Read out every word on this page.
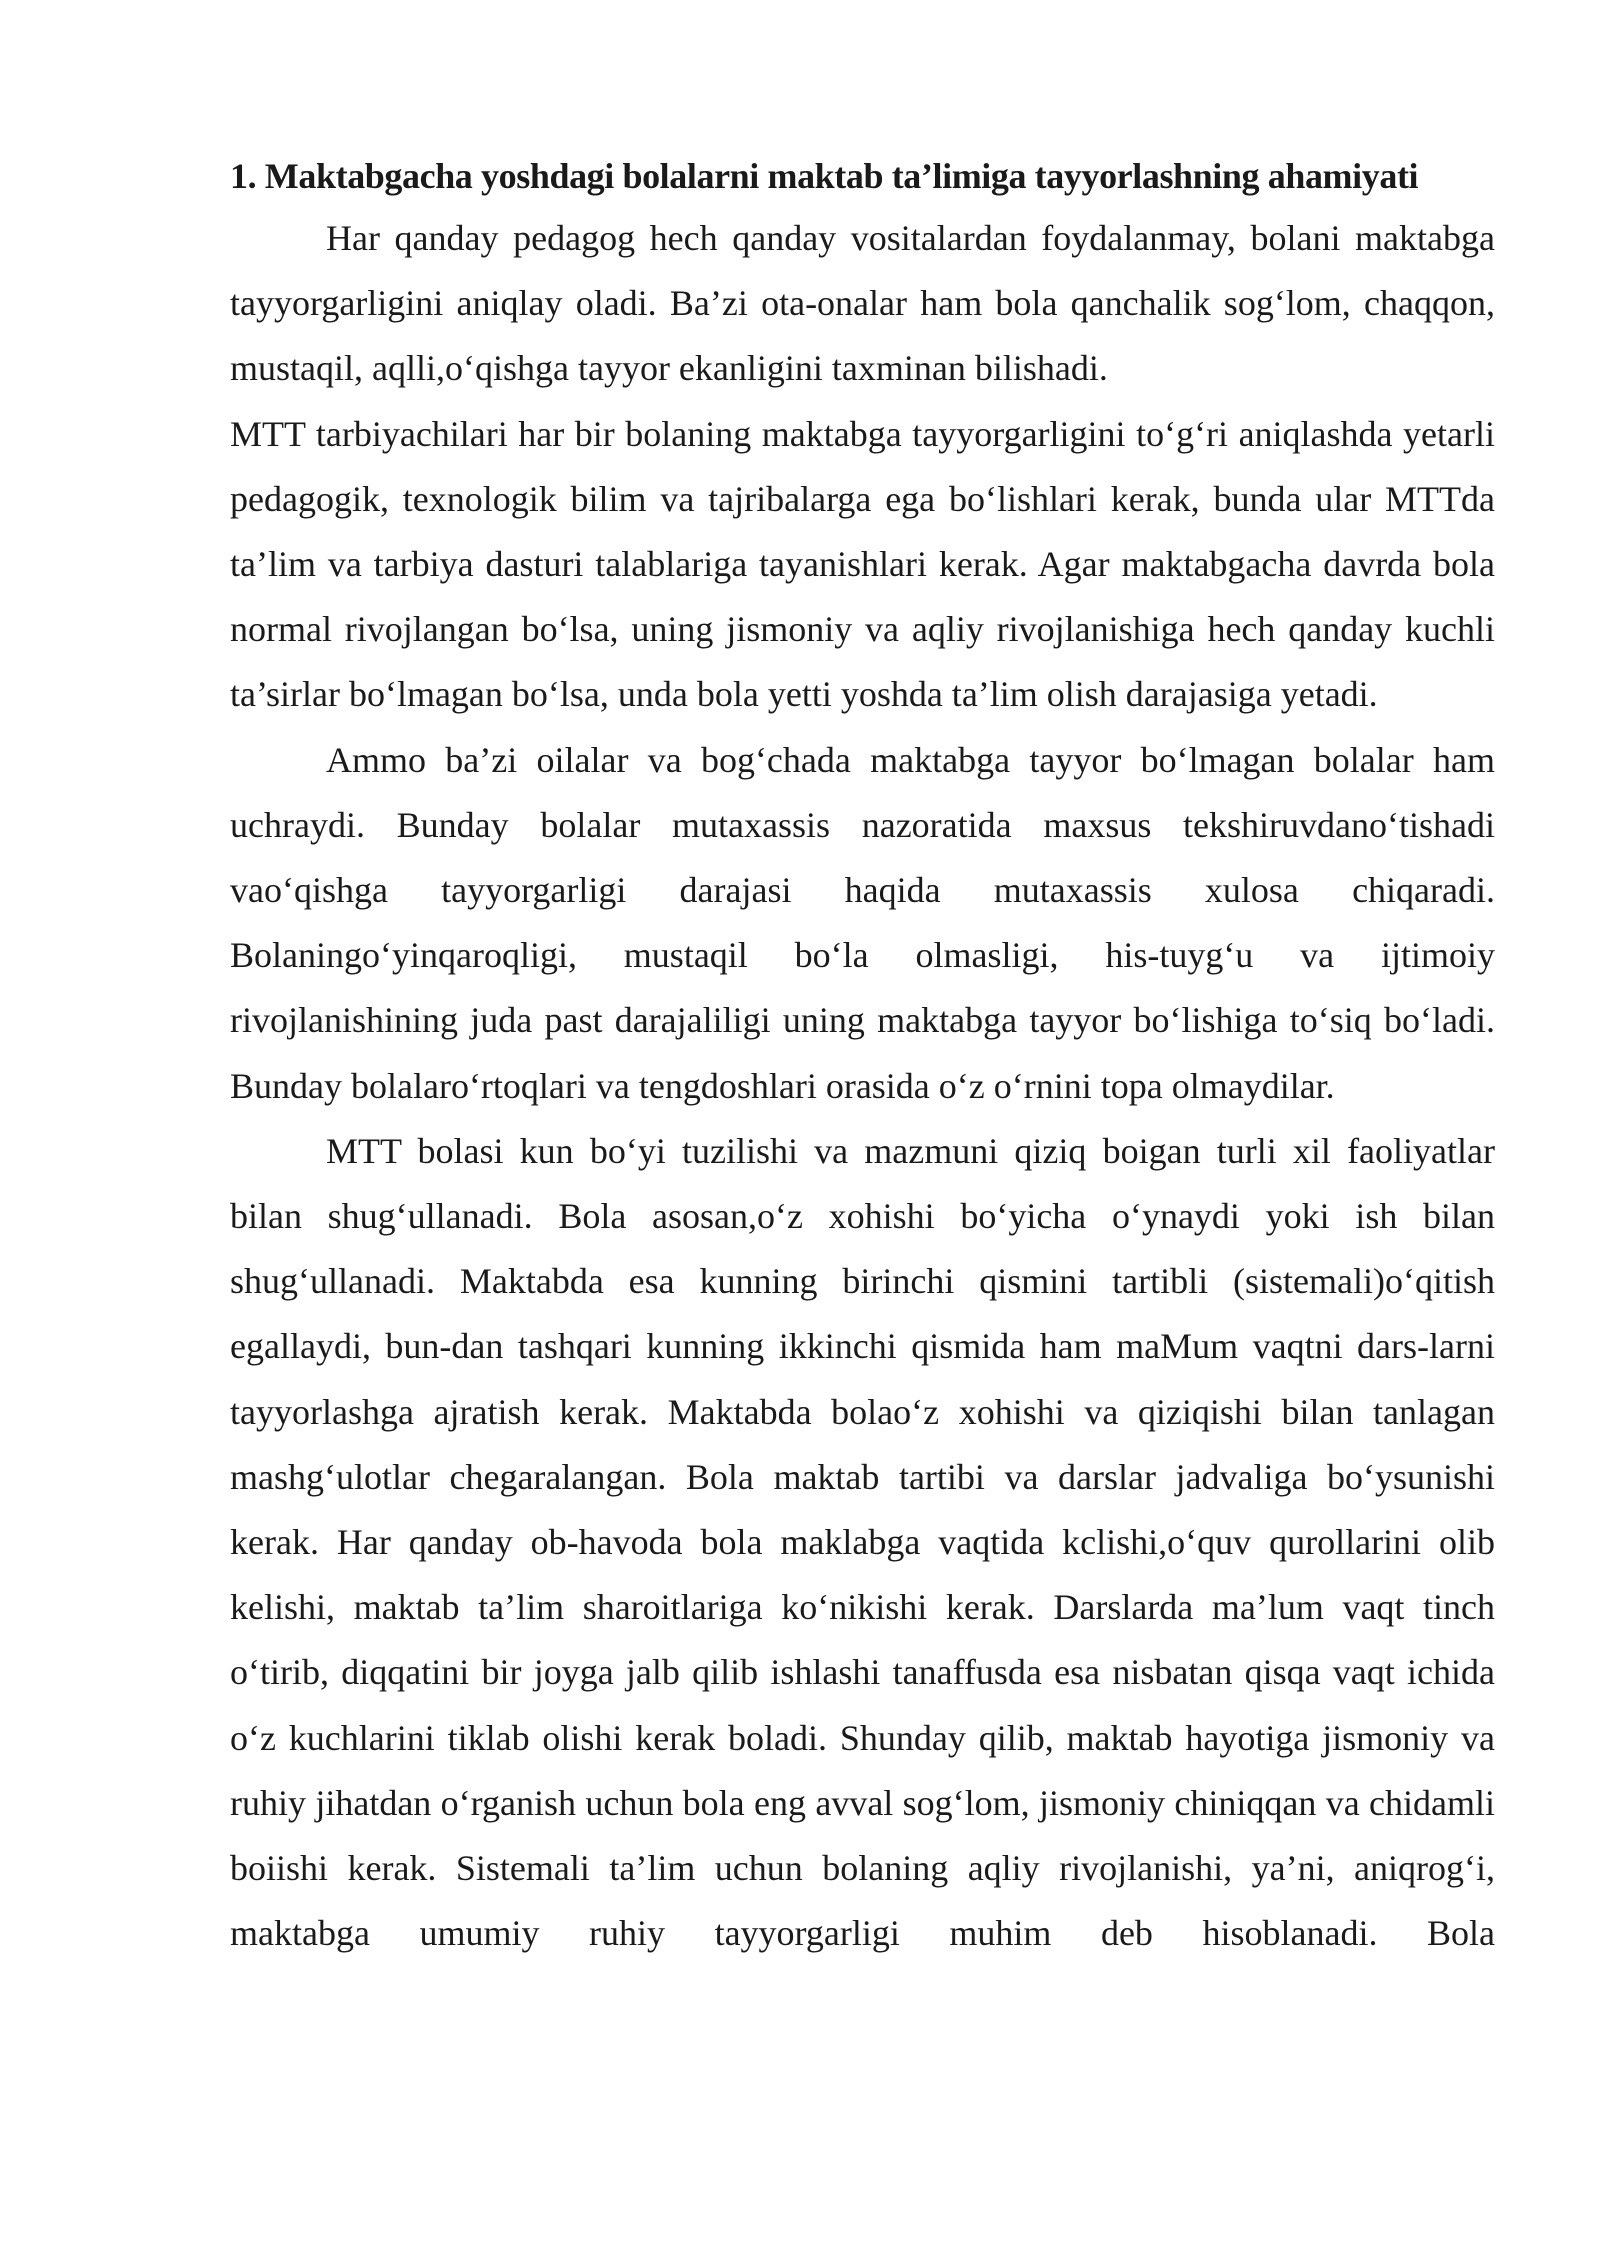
1. Maktabgacha yoshdagi bolalarni maktab ta’limiga tayyorlashning ahamiyati

Har qanday pedagog hech qanday vositalardan foydalanmay, bolani maktabga tayyorgarligini aniqlay oladi. Ba’zi ota-onalar ham bola qanchalik sog‘lom, chaqqon, mustaqil, aqlli,o‘qishga tayyor ekanligini taxminan bilishadi.

MTT tarbiyachilari har bir bolaning maktabga tayyorgarligini to‘g‘ri aniqlashda yetarli pedagogik, texnologik bilim va tajribalarga ega bo‘lishlari kerak, bunda ular MTTda ta’lim va tarbiya dasturi talablariga tayanishlari kerak. Agar maktabgacha davrda bola normal rivojlangan bo‘lsa, uning jismoniy va aqliy rivojlanishiga hech qanday kuchli ta’sirlar bo‘lmagan bo‘lsa, unda bola yetti yoshda ta’lim olish darajasiga yetadi.

Ammo ba’zi oilalar va bog‘chada maktabga tayyor bo‘lmagan bolalar ham uchraydi. Bunday bolalar mutaxassis nazoratida maxsus tekshiruvdano‘tishadi vao‘qishga tayyorgarligi darajasi haqida mutaxassis xulosa chiqaradi. Bolaningo‘yinqaroqligi, mustaqil bo‘la olmasligi, his-tuyg‘u va ijtimoiy rivojlanishining juda past darajaliligi uning maktabga tayyor bo‘lishiga to‘siq bo‘ladi. Bunday bolalaro‘rtoqlari va tengdoshlari orasida o‘z o‘rnini topa olmaydilar.

MTT bolasi kun bo‘yi tuzilishi va mazmuni qiziq boigan turli xil faoliyatlar bilan shug‘ullanadi. Bola asosan,o‘z xohishi bo‘yicha o‘ynaydi yoki ish bilan shug‘ullanadi. Maktabda esa kunning birinchi qismini tartibli (sistemali)o‘qitish egallaydi, bun-dan tashqari kunning ikkinchi qismida ham maMum vaqtni dars-larni tayyorlashga ajratish kerak. Maktabda bolao‘z xohishi va qiziqishi bilan tanlagan mashg‘ulotlar chegaralangan. Bola maktab tartibi va darslar jadvaliga bo‘ysunishi kerak. Har qanday ob-havoda bola maklabga vaqtida kclishi,o‘quv qurollarini olib kelishi, maktab ta’lim sharoitlariga ko‘nikishi kerak. Darslarda ma’lum vaqt tinch o‘tirib, diqqatini bir joyga jalb qilib ishlashi tanaffusda esa nisbatan qisqa vaqt ichida o‘z kuchlarini tiklab olishi kerak boladi. Shunday qilib, maktab hayotiga jismoniy va ruhiy jihatdan o‘rganish uchun bola eng avval sog‘lom, jismoniy chiniqqan va chidamli boiishi kerak. Sistemali ta’lim uchun bolaning aqliy rivojlanishi, ya’ni, aniqrog‘i, maktabga umumiy ruhiy tayyorgarligi muhim deb hisoblanadi. Bola
